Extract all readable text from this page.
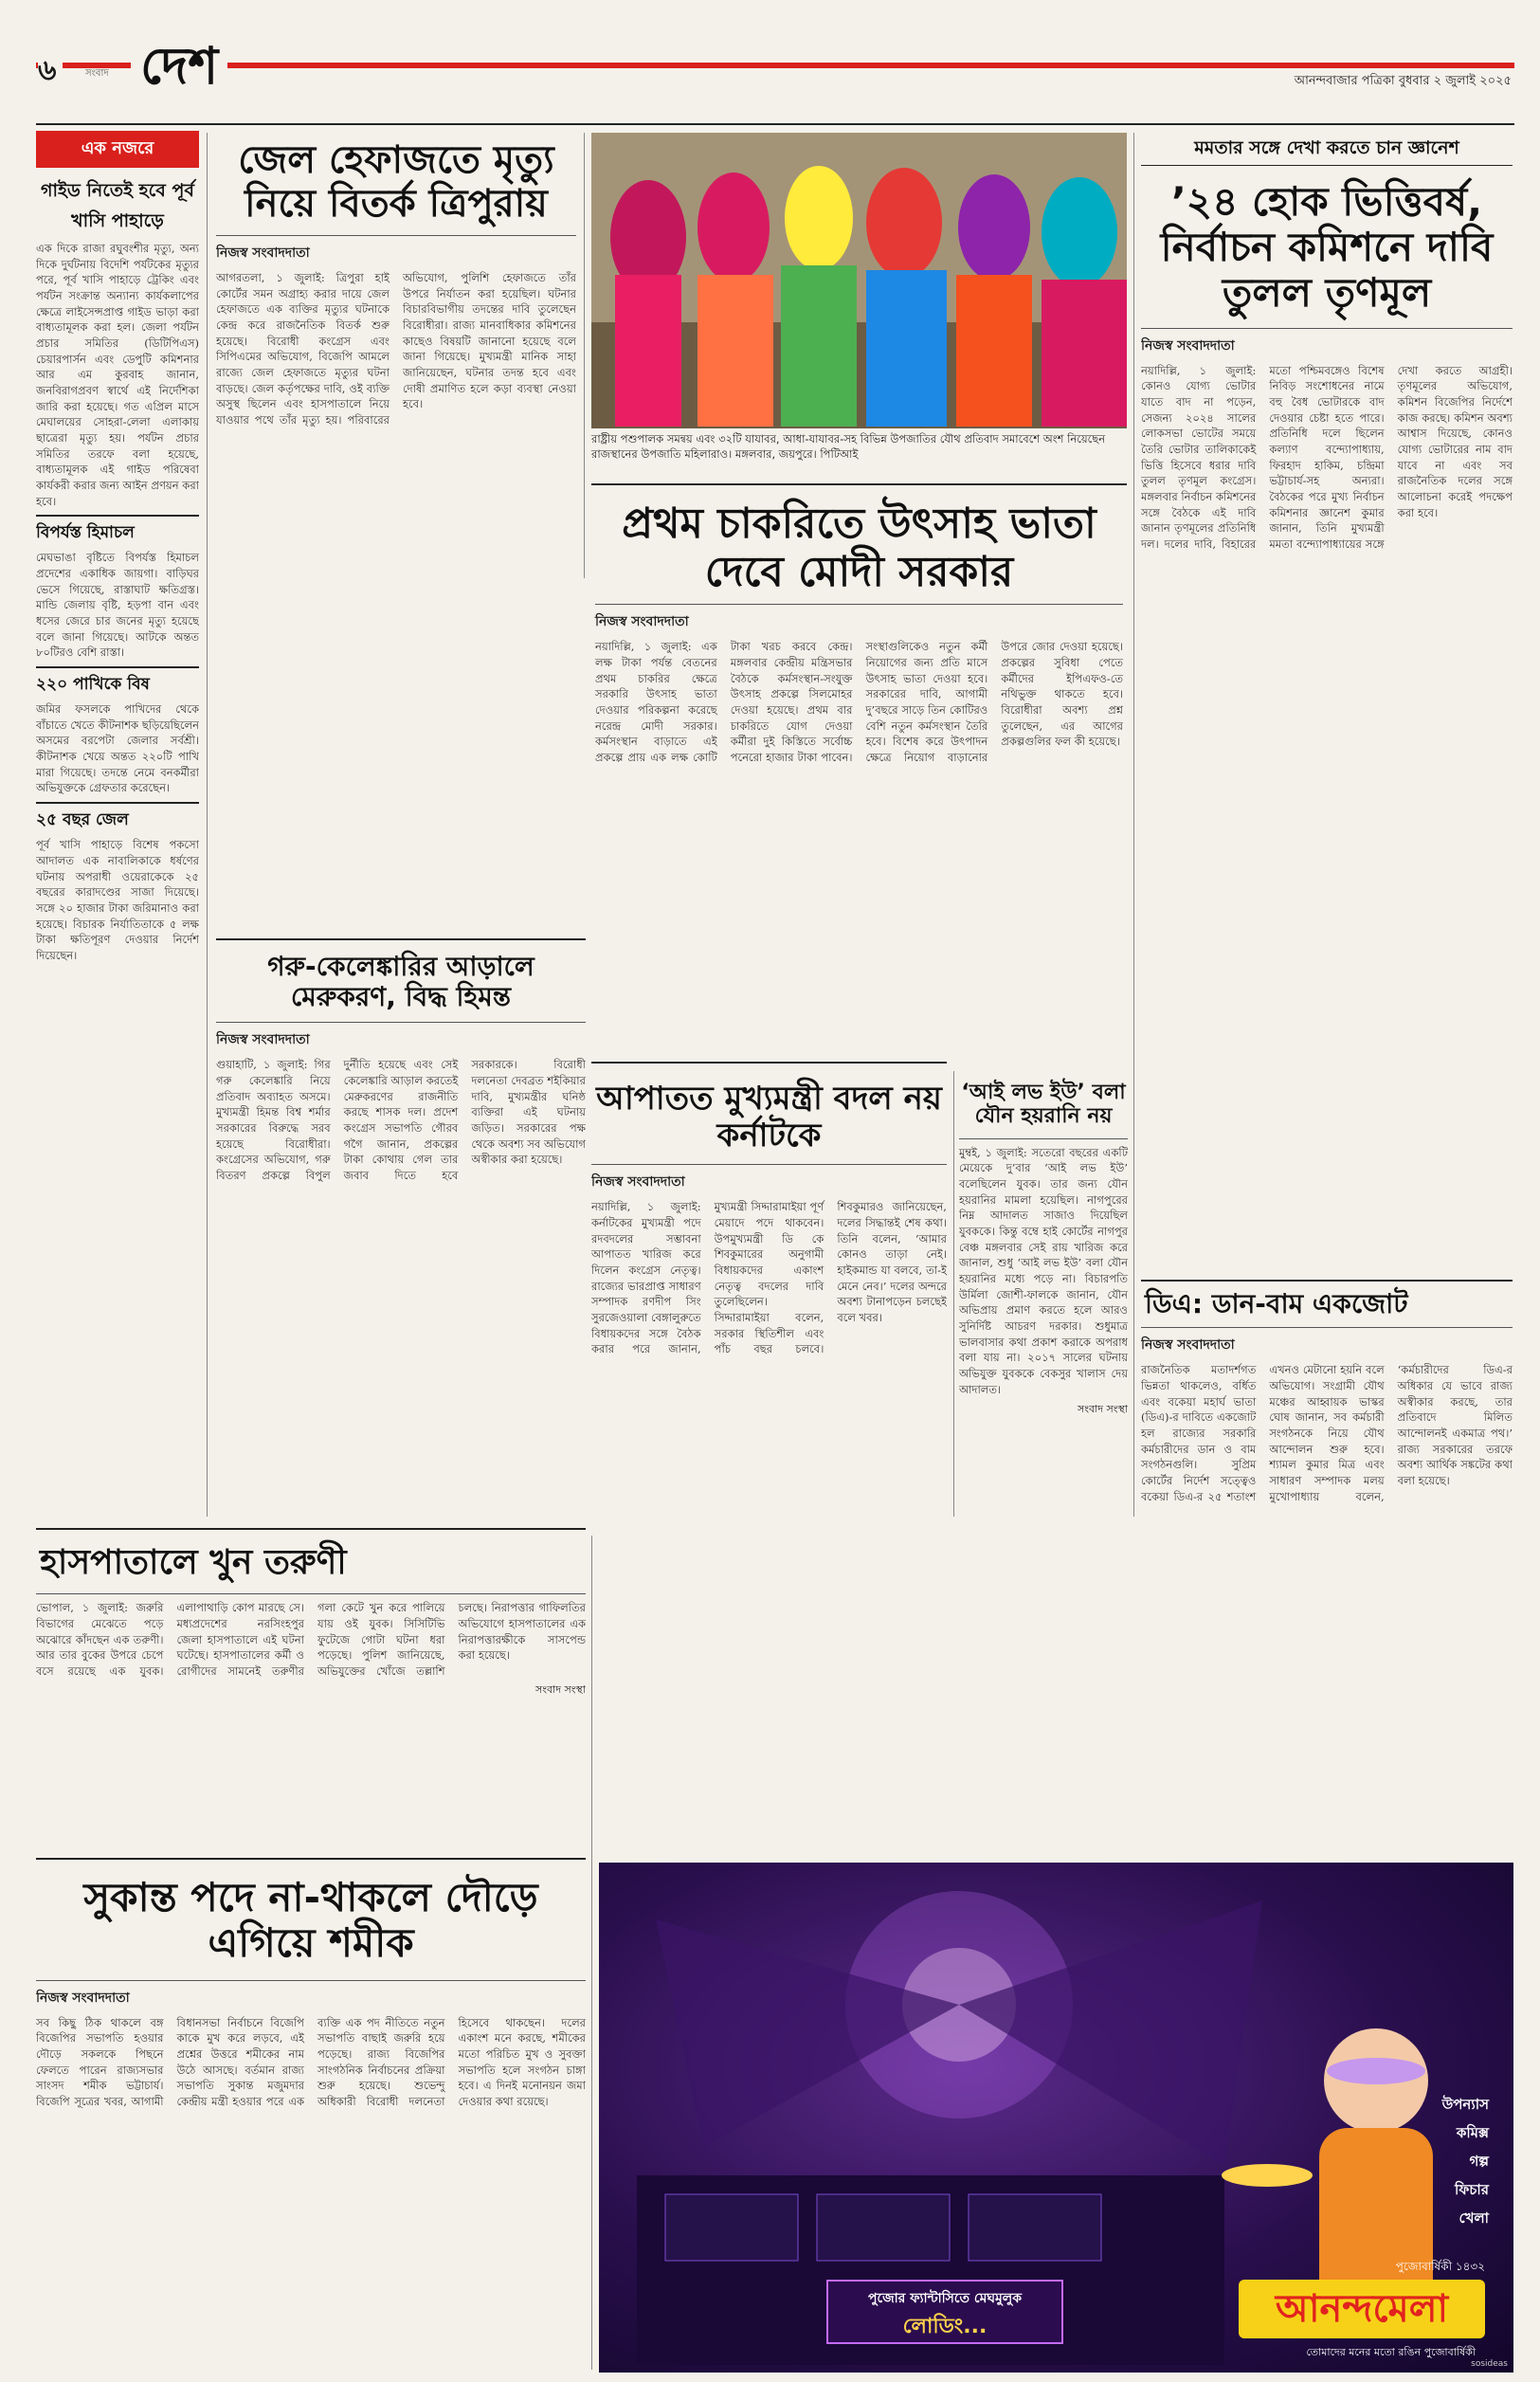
৬	সংবাদ দেশ	আনন্দবাজার পত্রিকা বুধবার ২ জুলাই ২০২৫
এক নজরে
গাইড নিতেই হবে পূর্ব খাসি পাহাড়ে

এক দিকে রাজা রঘুবংশীর মৃত্যু, অন্য দিকে দুর্ঘটনায় বিদেশি পর্যটকের মৃত্যুর পরে, পূর্ব খাসি পাহাড়ে ট্রেকিং এবং পর্যটন সংক্রান্ত অন্যান্য কার্যকলাপের ক্ষেত্রে লাইসেন্সপ্রাপ্ত গাইড ভাড়া করা বাধ্যতামূলক করা হল। জেলা পর্যটন প্রচার সমিতির (ডিটিপিএস) চেয়ারপার্সন এবং ডেপুটি কমিশনার আর এম কুরবাহ জানান, জনবিরাগপ্রবণ স্বার্থে এই নির্দেশিকা জারি করা হয়েছে। গত এপ্রিল মাসে মেঘালয়ের সোহরা-লেলা এলাকায় ছাত্রেরা মৃত্যু হয়। পর্যটন প্রচার সমিতির তরফে বলা হয়েছে, বাধ্যতামূলক এই গাইড পরিষেবা কার্যকরী করার জন্য আইন প্রণয়ন করা হবে।

বিপর্যস্ত হিমাচল

মেঘভাঙা বৃষ্টিতে বিপর্যস্ত হিমাচল প্রদেশের একাধিক জায়গা। বাড়িঘর ভেসে গিয়েছে, রাস্তাঘাট ক্ষতিগ্রস্ত। মান্ডি জেলায় বৃষ্টি, হড়পা বান এবং ধসের জেরে চার জনের মৃত্যু হয়েছে বলে জানা গিয়েছে। আটকে অন্তত ৮০টিরও বেশি রাস্তা।

২২০ পাখিকে বিষ

জমির ফসলকে পাখিদের থেকে বাঁচাতে খেতে কীটনাশক ছড়িয়েছিলেন অসমের বরপেটা জেলার সর্বশ্রী। কীটনাশক খেয়ে অন্তত ২২০টি পাখি মারা গিয়েছে। তদন্তে নেমে বনকর্মীরা অভিযুক্তকে গ্রেফতার করেছেন।

২৫ বছর জেল

পূর্ব খাসি পাহাড়ে বিশেষ পকসো আদালত এক নাবালিকাকে ধর্ষণের ঘটনায় অপরাধী ওয়েরাকেকে ২৫ বছরের কারাদণ্ডের সাজা দিয়েছে। সঙ্গে ২০ হাজার টাকা জরিমানাও করা হয়েছে। বিচারক নির্যাতিতাকে ৫ লক্ষ টাকা ক্ষতিপূরণ দেওয়ার নির্দেশ দিয়েছেন।

জেল হেফাজতে মৃত্যু নিয়ে বিতর্ক ত্রিপুরায়
নিজস্ব সংবাদদাতা
আগরতলা, ১ জুলাই: ত্রিপুরা হাই কোর্টের সমন অগ্রাহ্য করার দায়ে জেল হেফাজতে এক ব্যক্তির মৃত্যুর ঘটনাকে কেন্দ্র করে রাজনৈতিক বিতর্ক শুরু হয়েছে। বিরোধী কংগ্রেস এবং সিপিএমের অভিযোগ, বিজেপি আমলে রাজ্যে জেল হেফাজতে মৃত্যুর ঘটনা বাড়ছে। জেল কর্তৃপক্ষের দাবি, ওই ব্যক্তি অসুস্থ ছিলেন এবং হাসপাতালে নিয়ে যাওয়ার পথে তাঁর মৃত্যু হয়। পরিবারের অভিযোগ, পুলিশি হেফাজতে তাঁর উপরে নির্যাতন করা হয়েছিল। ঘটনার বিচারবিভাগীয় তদন্তের দাবি তুলেছেন বিরোধীরা। রাজ্য মানবাধিকার কমিশনের কাছেও বিষয়টি জানানো হয়েছে বলে জানা গিয়েছে। মুখ্যমন্ত্রী মানিক সাহা জানিয়েছেন, ঘটনার তদন্ত হবে এবং দোষী প্রমাণিত হলে কড়া ব্যবস্থা নেওয়া হবে।
রাষ্ট্রীয় পশুপালক সমন্বয় এবং ৩২টি যাযাবর, আধা-যাযাবর-সহ বিভিন্ন উপজাতির যৌথ প্রতিবাদ সমাবেশে অংশ নিয়েছেন রাজস্থানের উপজাতি মহিলারাও। মঙ্গলবার, জয়পুরে। পিটিআই
প্রথম চাকরিতে উৎসাহ ভাতা দেবে মোদী সরকার
নিজস্ব সংবাদদাতা
নয়াদিল্লি, ১ জুলাই: এক লক্ষ টাকা পর্যন্ত বেতনের প্রথম চাকরির ক্ষেত্রে সরকারি উৎসাহ ভাতা দেওয়ার পরিকল্পনা করেছে নরেন্দ্র মোদী সরকার। কর্মসংস্থান বাড়াতে এই প্রকল্পে প্রায় এক লক্ষ কোটি টাকা খরচ করবে কেন্দ্র। মঙ্গলবার কেন্দ্রীয় মন্ত্রিসভার বৈঠকে কর্মসংস্থান-সংযুক্ত উৎসাহ প্রকল্পে সিলমোহর দেওয়া হয়েছে। প্রথম বার চাকরিতে যোগ দেওয়া কর্মীরা দুই কিস্তিতে সর্বোচ্চ পনেরো হাজার টাকা পাবেন। সংস্থাগুলিকেও নতুন কর্মী নিয়োগের জন্য প্রতি মাসে উৎসাহ ভাতা দেওয়া হবে। সরকারের দাবি, আগামী দু’বছরে সাড়ে তিন কোটিরও বেশি নতুন কর্মসংস্থান তৈরি হবে। বিশেষ করে উৎপাদন ক্ষেত্রে নিয়োগ বাড়ানোর উপরে জোর দেওয়া হয়েছে। প্রকল্পের সুবিধা পেতে কর্মীদের ইপিএফও-তে নথিভুক্ত থাকতে হবে। বিরোধীরা অবশ্য প্রশ্ন তুলেছেন, এর আগের প্রকল্পগুলির ফল কী হয়েছে।
গরু-কেলেঙ্কারির আড়ালে মেরুকরণ, বিদ্ধ হিমন্ত
নিজস্ব সংবাদদাতা
গুয়াহাটি, ১ জুলাই: গির গরু কেলেঙ্কারি নিয়ে প্রতিবাদ অব্যাহত অসমে। মুখ্যমন্ত্রী হিমন্ত বিশ্ব শর্মার সরকারের বিরুদ্ধে সরব হয়েছে বিরোধীরা। কংগ্রেসের অভিযোগ, গরু বিতরণ প্রকল্পে বিপুল দুর্নীতি হয়েছে এবং সেই কেলেঙ্কারি আড়াল করতেই মেরুকরণের রাজনীতি করছে শাসক দল। প্রদেশ কংগ্রেস সভাপতি গৌরব গগৈ জানান, প্রকল্পের টাকা কোথায় গেল তার জবাব দিতে হবে সরকারকে। বিরোধী দলনেতা দেবব্রত শইকিয়ার দাবি, মুখ্যমন্ত্রীর ঘনিষ্ঠ ব্যক্তিরা এই ঘটনায় জড়িত। সরকারের পক্ষ থেকে অবশ্য সব অভিযোগ অস্বীকার করা হয়েছে।
আপাতত মুখ্যমন্ত্রী বদল নয় কর্নাটকে
নিজস্ব সংবাদদাতা
নয়াদিল্লি, ১ জুলাই: কর্নাটকের মুখ্যমন্ত্রী পদে রদবদলের সম্ভাবনা আপাতত খারিজ করে দিলেন কংগ্রেস নেতৃত্ব। রাজ্যের ভারপ্রাপ্ত সাধারণ সম্পাদক রণদীপ সিং সুরজেওয়ালা বেঙ্গালুরুতে বিধায়কদের সঙ্গে বৈঠক করার পরে জানান, মুখ্যমন্ত্রী সিদ্দারামাইয়া পূর্ণ মেয়াদে পদে থাকবেন। উপমুখ্যমন্ত্রী ডি কে শিবকুমারের অনুগামী বিধায়কদের একাংশ নেতৃত্ব বদলের দাবি তুলেছিলেন। সিদ্দারামাইয়া বলেন, সরকার স্থিতিশীল এবং পাঁচ বছর চলবে। শিবকুমারও জানিয়েছেন, দলের সিদ্ধান্তই শেষ কথা। তিনি বলেন, ‘আমার কোনও তাড়া নেই। হাইকমান্ড যা বলবে, তা-ই মেনে নেব।’ দলের অন্দরে অবশ্য টানাপড়েন চলছেই বলে খবর।
‘আই লভ ইউ’ বলা যৌন হয়রানি নয়
মুম্বই, ১ জুলাই: সতেরো বছরের একটি মেয়েকে দু’বার ‘আই লভ ইউ’ বলেছিলেন যুবক। তার জন্য যৌন হয়রানির মামলা হয়েছিল। নাগপুরের নিম্ন আদালত সাজাও দিয়েছিল যুবককে। কিন্তু বম্বে হাই কোর্টের নাগপুর বেঞ্চ মঙ্গলবার সেই রায় খারিজ করে জানাল, শুধু ‘আই লভ ইউ’ বলা যৌন হয়রানির মধ্যে পড়ে না। বিচারপতি উর্মিলা জোশী-ফালকে জানান, যৌন অভিপ্রায় প্রমাণ করতে হলে আরও সুনির্দিষ্ট আচরণ দরকার। শুধুমাত্র ভালবাসার কথা প্রকাশ করাকে অপরাধ বলা যায় না। ২০১৭ সালের ঘটনায় অভিযুক্ত যুবককে বেকসুর খালাস দেয় আদালত।
সংবাদ সংস্থা
মমতার সঙ্গে দেখা করতে চান জ্ঞানেশ
’২৪ হোক ভিত্তিবর্ষ, নির্বাচন কমিশনে দাবি তুলল তৃণমূল
নিজস্ব সংবাদদাতা
নয়াদিল্লি, ১ জুলাই: কোনও যোগ্য ভোটার যাতে বাদ না পড়েন, সেজন্য ২০২৪ সালের লোকসভা ভোটের সময়ে তৈরি ভোটার তালিকাকেই ভিত্তি হিসেবে ধরার দাবি তুলল তৃণমূল কংগ্রেস। মঙ্গলবার নির্বাচন কমিশনের সঙ্গে বৈঠকে এই দাবি জানান তৃণমূলের প্রতিনিধি দল। দলের দাবি, বিহারের মতো পশ্চিমবঙ্গেও বিশেষ নিবিড় সংশোধনের নামে বহু বৈধ ভোটারকে বাদ দেওয়ার চেষ্টা হতে পারে। প্রতিনিধি দলে ছিলেন কল্যাণ বন্দ্যোপাধ্যায়, ফিরহাদ হাকিম, চন্দ্রিমা ভট্টাচার্য-সহ অন্যরা। বৈঠকের পরে মুখ্য নির্বাচন কমিশনার জ্ঞানেশ কুমার জানান, তিনি মুখ্যমন্ত্রী মমতা বন্দ্যোপাধ্যায়ের সঙ্গে দেখা করতে আগ্রহী। তৃণমূলের অভিযোগ, কমিশন বিজেপির নির্দেশে কাজ করছে। কমিশন অবশ্য আশ্বাস দিয়েছে, কোনও যোগ্য ভোটারের নাম বাদ যাবে না এবং সব রাজনৈতিক দলের সঙ্গে আলোচনা করেই পদক্ষেপ করা হবে।
ডিএ: ডান-বাম একজোট
নিজস্ব সংবাদদাতা
রাজনৈতিক মতাদর্শগত ভিন্নতা থাকলেও, বর্ধিত এবং বকেয়া মহার্ঘ ভাতা (ডিএ)-র দাবিতে একজোট হল রাজ্যের সরকারি কর্মচারীদের ডান ও বাম সংগঠনগুলি। সুপ্রিম কোর্টের নির্দেশ সত্ত্বেও বকেয়া ডিএ-র ২৫ শতাংশ এখনও মেটানো হয়নি বলে অভিযোগ। সংগ্রামী যৌথ মঞ্চের আহ্বায়ক ভাস্কর ঘোষ জানান, সব কর্মচারী সংগঠনকে নিয়ে যৌথ আন্দোলন শুরু হবে। শ্যামল কুমার মিত্র এবং সাধারণ সম্পাদক মলয় মুখোপাধ্যায় বলেন, ‘কর্মচারীদের ডিএ-র অধিকার যে ভাবে রাজ্য অস্বীকার করছে, তার প্রতিবাদে মিলিত আন্দোলনই একমাত্র পথ।’ রাজ্য সরকারের তরফে অবশ্য আর্থিক সঙ্কটের কথা বলা হয়েছে।
হাসপাতালে খুন তরুণী
ভোপাল, ১ জুলাই: জরুরি বিভাগের মেঝেতে পড়ে অঝোরে কাঁদছেন এক তরুণী। আর তার বুকের উপরে চেপে বসে রয়েছে এক যুবক। এলাপাথাড়ি কোপ মারছে সে। মধ্যপ্রদেশের নরসিংহপুর জেলা হাসপাতালে এই ঘটনা ঘটেছে। হাসপাতালের কর্মী ও রোগীদের সামনেই তরুণীর গলা কেটে খুন করে পালিয়ে যায় ওই যুবক। সিসিটিভি ফুটেজে গোটা ঘটনা ধরা পড়েছে। পুলিশ জানিয়েছে, অভিযুক্তের খোঁজে তল্লাশি চলছে। নিরাপত্তার গাফিলতির অভিযোগে হাসপাতালের এক নিরাপত্তারক্ষীকে সাসপেন্ড করা হয়েছে।
সংবাদ সংস্থা
সুকান্ত পদে না-থাকলে দৌড়ে এগিয়ে শমীক
নিজস্ব সংবাদদাতা
সব কিছু ঠিক থাকলে বঙ্গ বিজেপির সভাপতি হওয়ার দৌড়ে সকলকে পিছনে ফেলতে পারেন রাজ্যসভার সাংসদ শমীক ভট্টাচার্য। বিজেপি সূত্রের খবর, আগামী বিধানসভা নির্বাচনে বিজেপি কাকে মুখ করে লড়বে, এই প্রশ্নের উত্তরে শমীকের নাম উঠে আসছে। বর্তমান রাজ্য সভাপতি সুকান্ত মজুমদার কেন্দ্রীয় মন্ত্রী হওয়ার পরে এক ব্যক্তি এক পদ নীতিতে নতুন সভাপতি বাছাই জরুরি হয়ে পড়েছে। রাজ্য বিজেপির সাংগঠনিক নির্বাচনের প্রক্রিয়া শুরু হয়েছে। শুভেন্দু অধিকারী বিরোধী দলনেতা হিসেবে থাকছেন। দলের একাংশ মনে করছে, শমীকের মতো পরিচিত মুখ ও সুবক্তা সভাপতি হলে সংগঠন চাঙ্গা হবে। এ দিনই মনোনয়ন জমা দেওয়ার কথা রয়েছে।	উপন্যাস
কমিক্স
গল্প
ফিচার
খেলা
পুজোবার্ষিকী ১৪৩২
আনন্দমেলা
তোমাদের মনের মতো রঙিন পুজোবার্ষিকী
পুজোর ফ্যান্টাসিতে মেঘমুলুক
লোডিং...
sosideas
